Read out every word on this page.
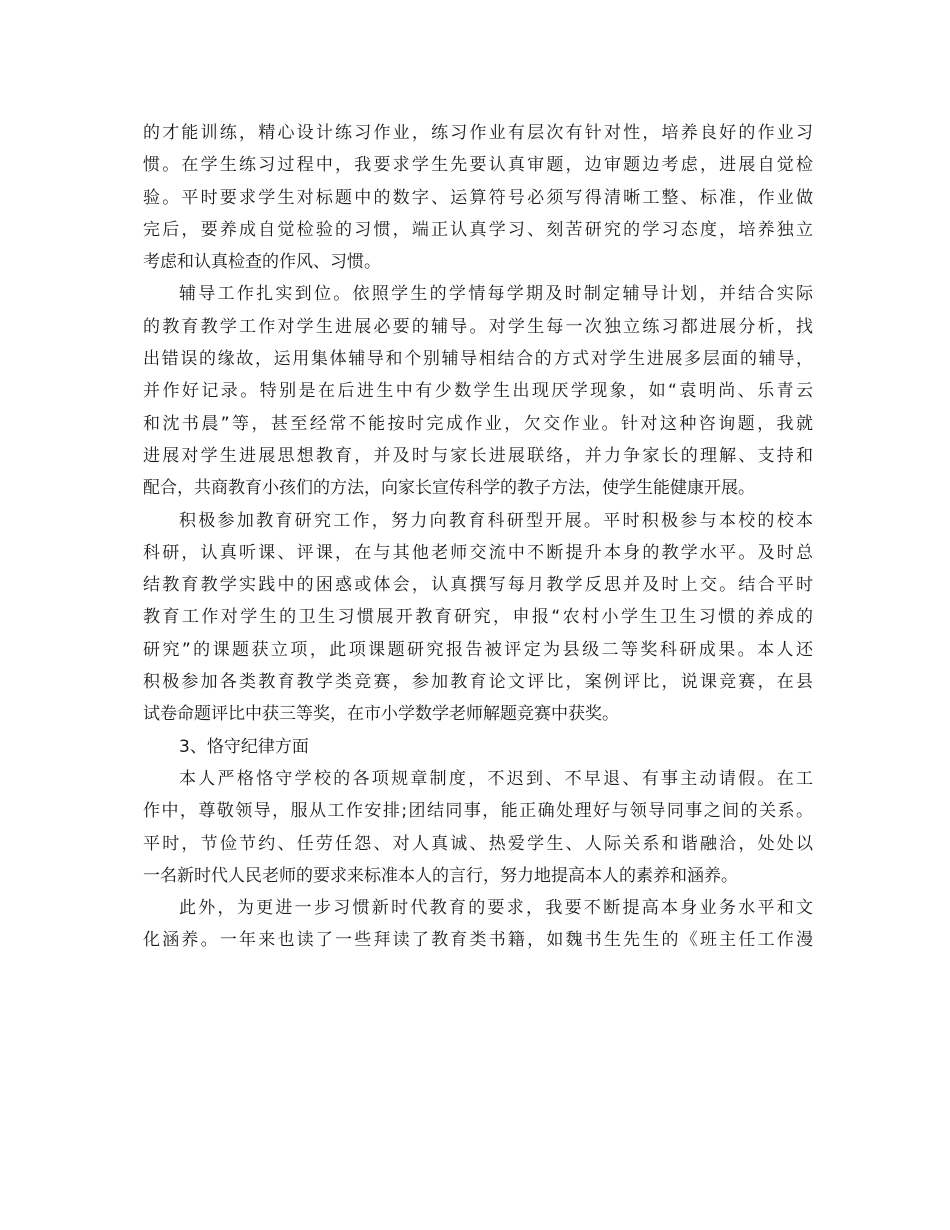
的才能训练，精心设计练习作业，练习作业有层次有针对性，培养良好的作业习
惯。在学生练习过程中，我要求学生先要认真审题，边审题边考虑，进展自觉检
验。平时要求学生对标题中的数字、运算符号必须写得清晰工整、标准，作业做
完后，要养成自觉检验的习惯，端正认真学习、刻苦研究的学习态度，培养独立
考虑和认真检查的作风、习惯。
辅导工作扎实到位。依照学生的学情每学期及时制定辅导计划，并结合实际
的教育教学工作对学生进展必要的辅导。对学生每一次独立练习都进展分析，找
出错误的缘故，运用集体辅导和个别辅导相结合的方式对学生进展多层面的辅导，
并作好记录。特别是在后进生中有少数学生出现厌学现象，如“袁明尚、乐青云
和沈书晨”等，甚至经常不能按时完成作业，欠交作业。针对这种咨询题，我就
进展对学生进展思想教育，并及时与家长进展联络，并力争家长的理解、支持和
配合，共商教育小孩们的方法，向家长宣传科学的教子方法，使学生能健康开展。
积极参加教育研究工作，努力向教育科研型开展。平时积极参与本校的校本
科研，认真听课、评课，在与其他老师交流中不断提升本身的教学水平。及时总
结教育教学实践中的困惑或体会，认真撰写每月教学反思并及时上交。结合平时
教育工作对学生的卫生习惯展开教育研究，申报“农村小学生卫生习惯的养成的
研究”的课题获立项，此项课题研究报告被评定为县级二等奖科研成果。本人还
积极参加各类教育教学类竞赛，参加教育论文评比，案例评比，说课竞赛，在县
试卷命题评比中获三等奖，在市小学数学老师解题竞赛中获奖。
3、恪守纪律方面
本人严格恪守学校的各项规章制度，不迟到、不早退、有事主动请假。在工
作中，尊敬领导，服从工作安排;团结同事，能正确处理好与领导同事之间的关系。
平时，节俭节约、任劳任怨、对人真诚、热爱学生、人际关系和谐融洽，处处以
一名新时代人民老师的要求来标准本人的言行，努力地提高本人的素养和涵养。
此外，为更进一步习惯新时代教育的要求，我要不断提高本身业务水平和文
化涵养。一年来也读了一些拜读了教育类书籍，如魏书生先生的《班主任工作漫
